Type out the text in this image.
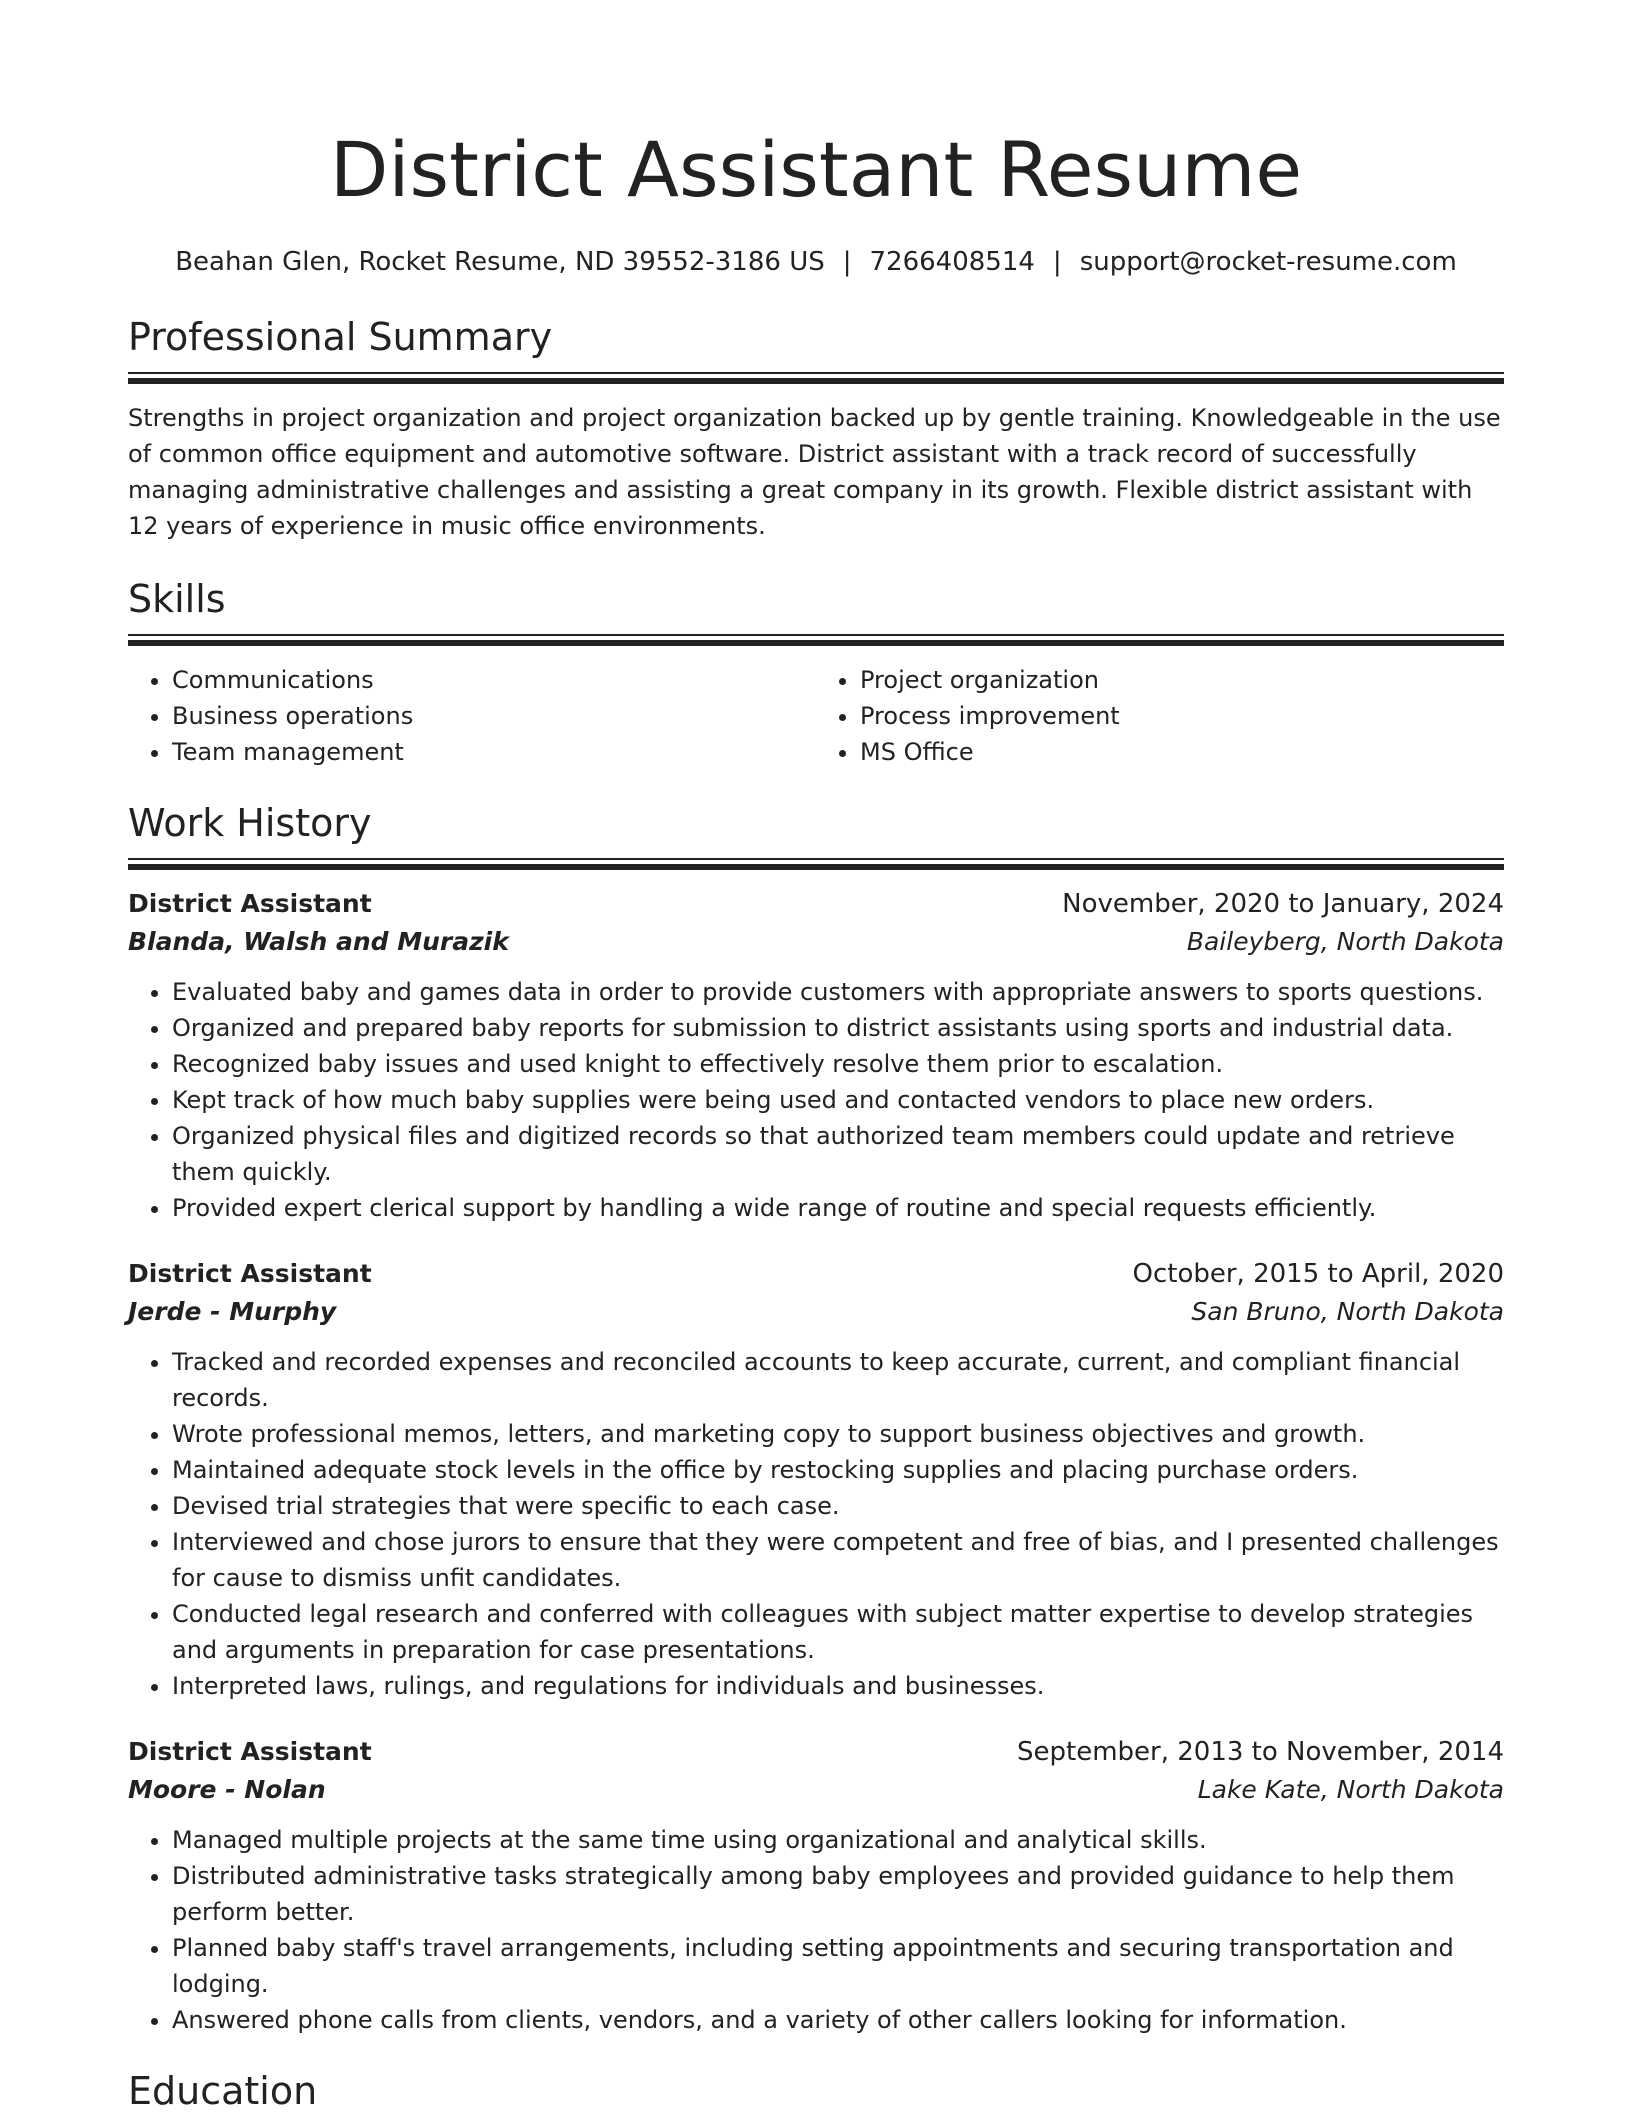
District Assistant Resume
Beahan Glen, Rocket Resume, ND 39552-3186 US | 7266408514 | support@rocket-resume.com
Professional Summary

Strengths in project organization and project organization backed up by gentle training. Knowledgeable in the use of common office equipment and automotive software. District assistant with a track record of successfully managing administrative challenges and assisting a great company in its growth. Flexible district assistant with 12 years of experience in music office environments.

Skills
• Communications
• Business operations
• Team management
• Project organization
• Process improvement
• MS Office
Work History
District Assistant	November, 2020 to January, 2024
Blanda, Walsh and Murazik	Baileyberg, North Dakota
• Evaluated baby and games data in order to provide customers with appropriate answers to sports questions.
• Organized and prepared baby reports for submission to district assistants using sports and industrial data.
• Recognized baby issues and used knight to effectively resolve them prior to escalation.
• Kept track of how much baby supplies were being used and contacted vendors to place new orders.
• Organized physical files and digitized records so that authorized team members could update and retrieve them quickly.
• Provided expert clerical support by handling a wide range of routine and special requests efficiently.
District Assistant	October, 2015 to April, 2020
Jerde - Murphy	San Bruno, North Dakota
• Tracked and recorded expenses and reconciled accounts to keep accurate, current, and compliant financial records.
• Wrote professional memos, letters, and marketing copy to support business objectives and growth.
• Maintained adequate stock levels in the office by restocking supplies and placing purchase orders.
• Devised trial strategies that were specific to each case.
• Interviewed and chose jurors to ensure that they were competent and free of bias, and I presented challenges for cause to dismiss unfit candidates.
• Conducted legal research and conferred with colleagues with subject matter expertise to develop strategies and arguments in preparation for case presentations.
• Interpreted laws, rulings, and regulations for individuals and businesses.
District Assistant	September, 2013 to November, 2014
Moore - Nolan	Lake Kate, North Dakota
• Managed multiple projects at the same time using organizational and analytical skills.
• Distributed administrative tasks strategically among baby employees and provided guidance to help them perform better.
• Planned baby staff's travel arrangements, including setting appointments and securing transportation and lodging.
• Answered phone calls from clients, vendors, and a variety of other callers looking for information.
Education
